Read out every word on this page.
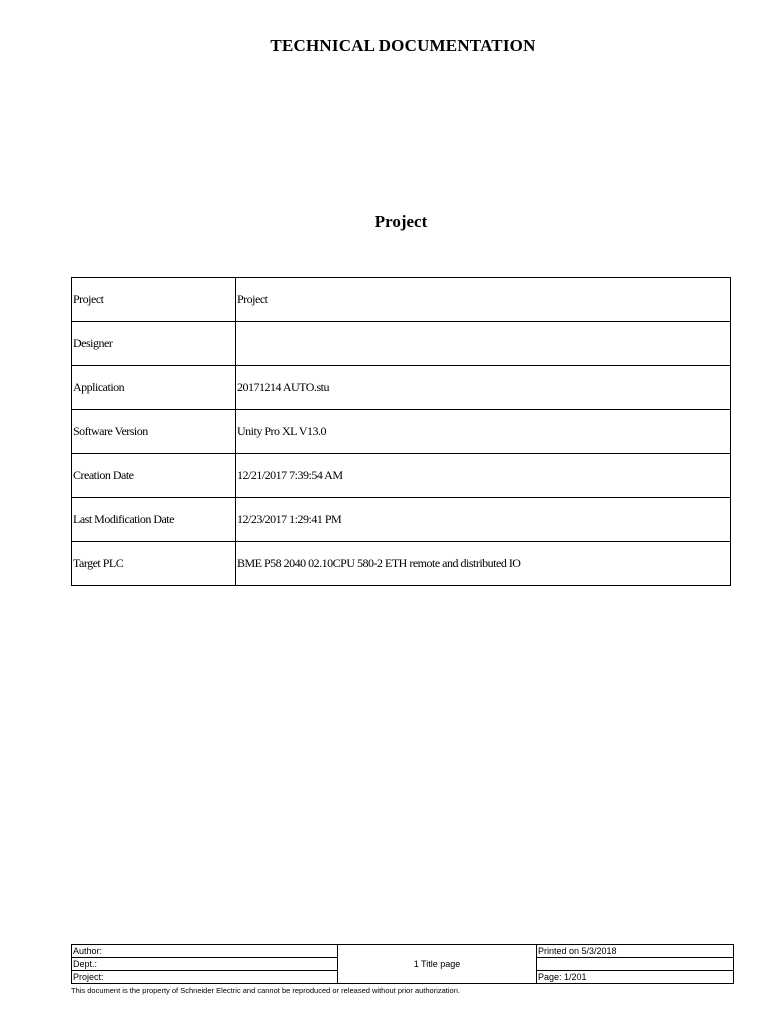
TECHNICAL DOCUMENTATION
Project
Project	Project
Designer	
Application	20171214 AUTO.stu
Software Version	Unity Pro XL V13.0
Creation Date	12/21/2017 7:39:54 AM
Last Modification Date	12/23/2017 1:29:41 PM
Target PLC	BME P58 2040 02.10CPU 580-2 ETH remote and distributed IO
Author:	1 Title page	Printed on 5/3/2018
Dept.:		
Project:		Page: 1/201
This document is the property of Schneider Electric and cannot be reproduced or released without prior authorization.
